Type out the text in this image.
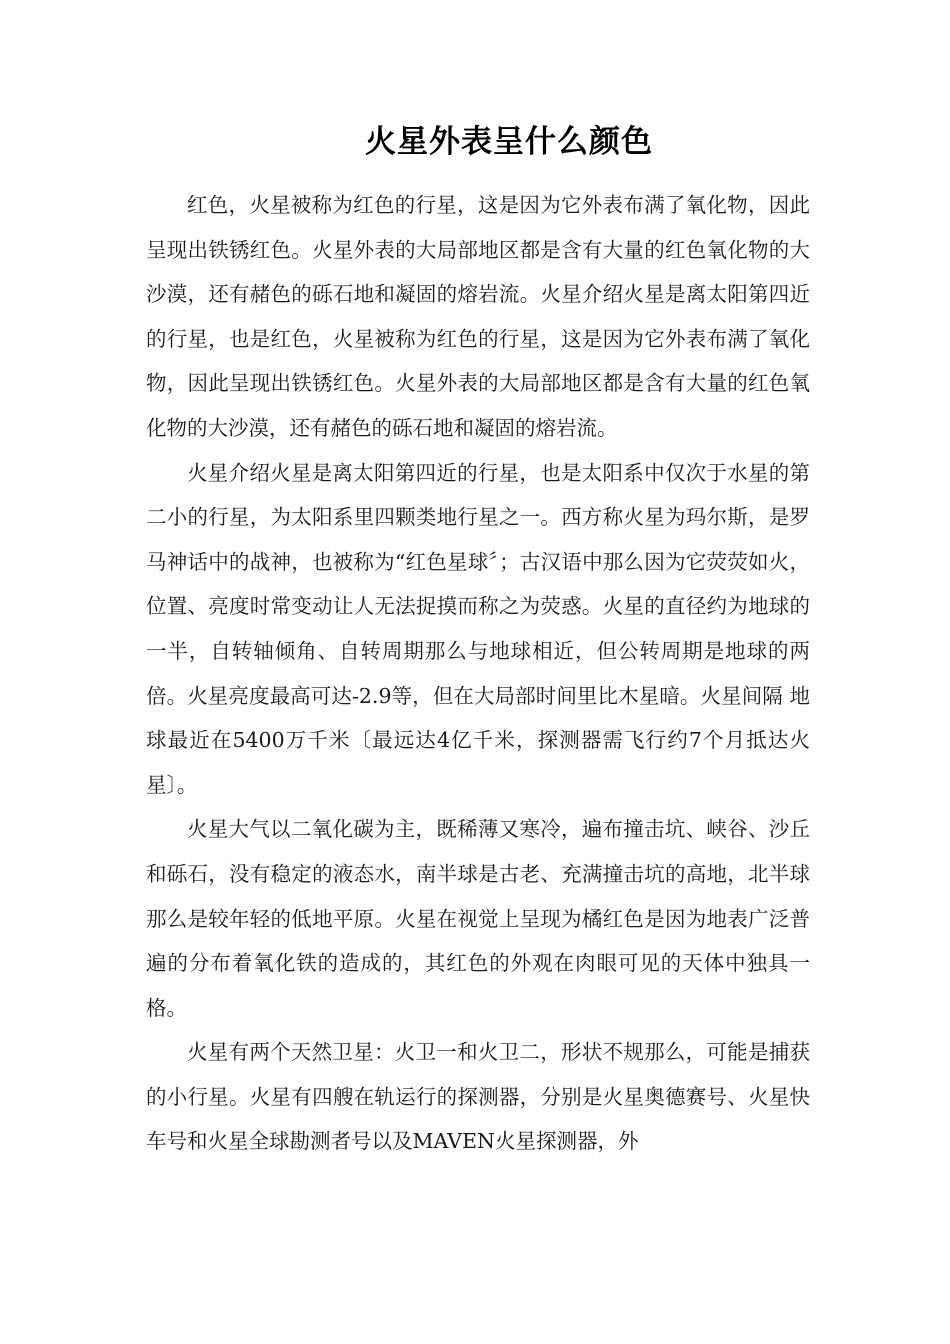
火星外表呈什么颜色

红色，火星被称为红色的行星，这是因为它外表布满了氧化物，因此呈现出铁锈红色。火星外表的大局部地区都是含有大量的红色氧化物的大沙漠，还有赭色的砾石地和凝固的熔岩流。火星介绍火星是离太阳第四近的行星，也是红色，火星被称为红色的行星，这是因为它外表布满了氧化物，因此呈现出铁锈红色。火星外表的大局部地区都是含有大量的红色氧化物的大沙漠，还有赭色的砾石地和凝固的熔岩流。

火星介绍火星是离太阳第四近的行星，也是太阳系中仅次于水星的第二小的行星，为太阳系里四颗类地行星之一。西方称火星为玛尔斯，是罗马神话中的战神，也被称为“红色星球〞；古汉语中那么因为它荧荧如火，位置、亮度时常变动让人无法捉摸而称之为荧惑。火星的直径约为地球的一半，自转轴倾角、自转周期那么与地球相近，但公转周期是地球的两倍。火星亮度最高可达-2.9等，但在大局部时间里比木星暗。火星间隔 地球最近在5400万千米〔最远达4亿千米，探测器需飞行约7个月抵达火星〕。

火星大气以二氧化碳为主，既稀薄又寒冷，遍布撞击坑、峡谷、沙丘和砾石，没有稳定的液态水，南半球是古老、充满撞击坑的高地，北半球那么是较年轻的低地平原。火星在视觉上呈现为橘红色是因为地表广泛普遍的分布着氧化铁的造成的，其红色的外观在肉眼可见的天体中独具一格。

火星有两个天然卫星：火卫一和火卫二，形状不规那么，可能是捕获的小行星。火星有四艘在轨运行的探测器，分别是火星奥德赛号、火星快车号和火星全球勘测者号以及MAVEN火星探测器，外
